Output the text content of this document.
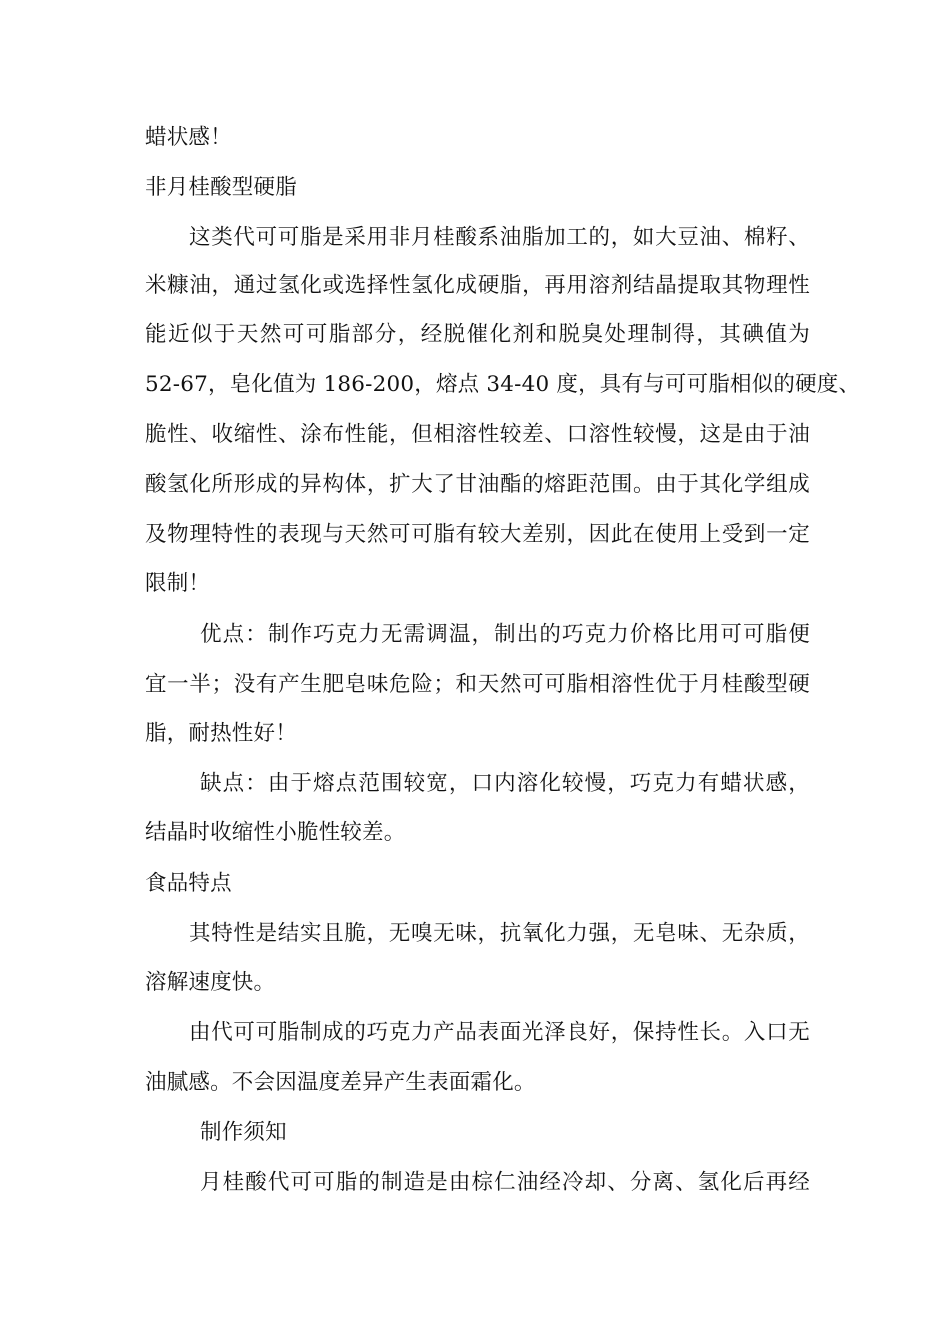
蜡状感！
非月桂酸型硬脂
这类代可可脂是采用非月桂酸系油脂加工的，如大豆油、棉籽、
米糠油，通过氢化或选择性氢化成硬脂，再用溶剂结晶提取其物理性
能近似于天然可可脂部分，经脱催化剂和脱臭处理制得，其碘值为
52-67，皂化值为 186-200，熔点 34-40 度，具有与可可脂相似的硬度、
脆性、收缩性、涂布性能，但相溶性较差、口溶性较慢，这是由于油
酸氢化所形成的异构体，扩大了甘油酯的熔距范围。由于其化学组成
及物理特性的表现与天然可可脂有较大差别，因此在使用上受到一定
限制！
优点：制作巧克力无需调温，制出的巧克力价格比用可可脂便
宜一半；没有产生肥皂味危险；和天然可可脂相溶性优于月桂酸型硬
脂，耐热性好！
缺点：由于熔点范围较宽，口内溶化较慢，巧克力有蜡状感，
结晶时收缩性小脆性较差。
食品特点
其特性是结实且脆，无嗅无味，抗氧化力强，无皂味、无杂质，
溶解速度快。
由代可可脂制成的巧克力产品表面光泽良好，保持性长。入口无
油腻感。不会因温度差异产生表面霜化。
制作须知
月桂酸代可可脂的制造是由棕仁油经冷却、分离、氢化后再经
